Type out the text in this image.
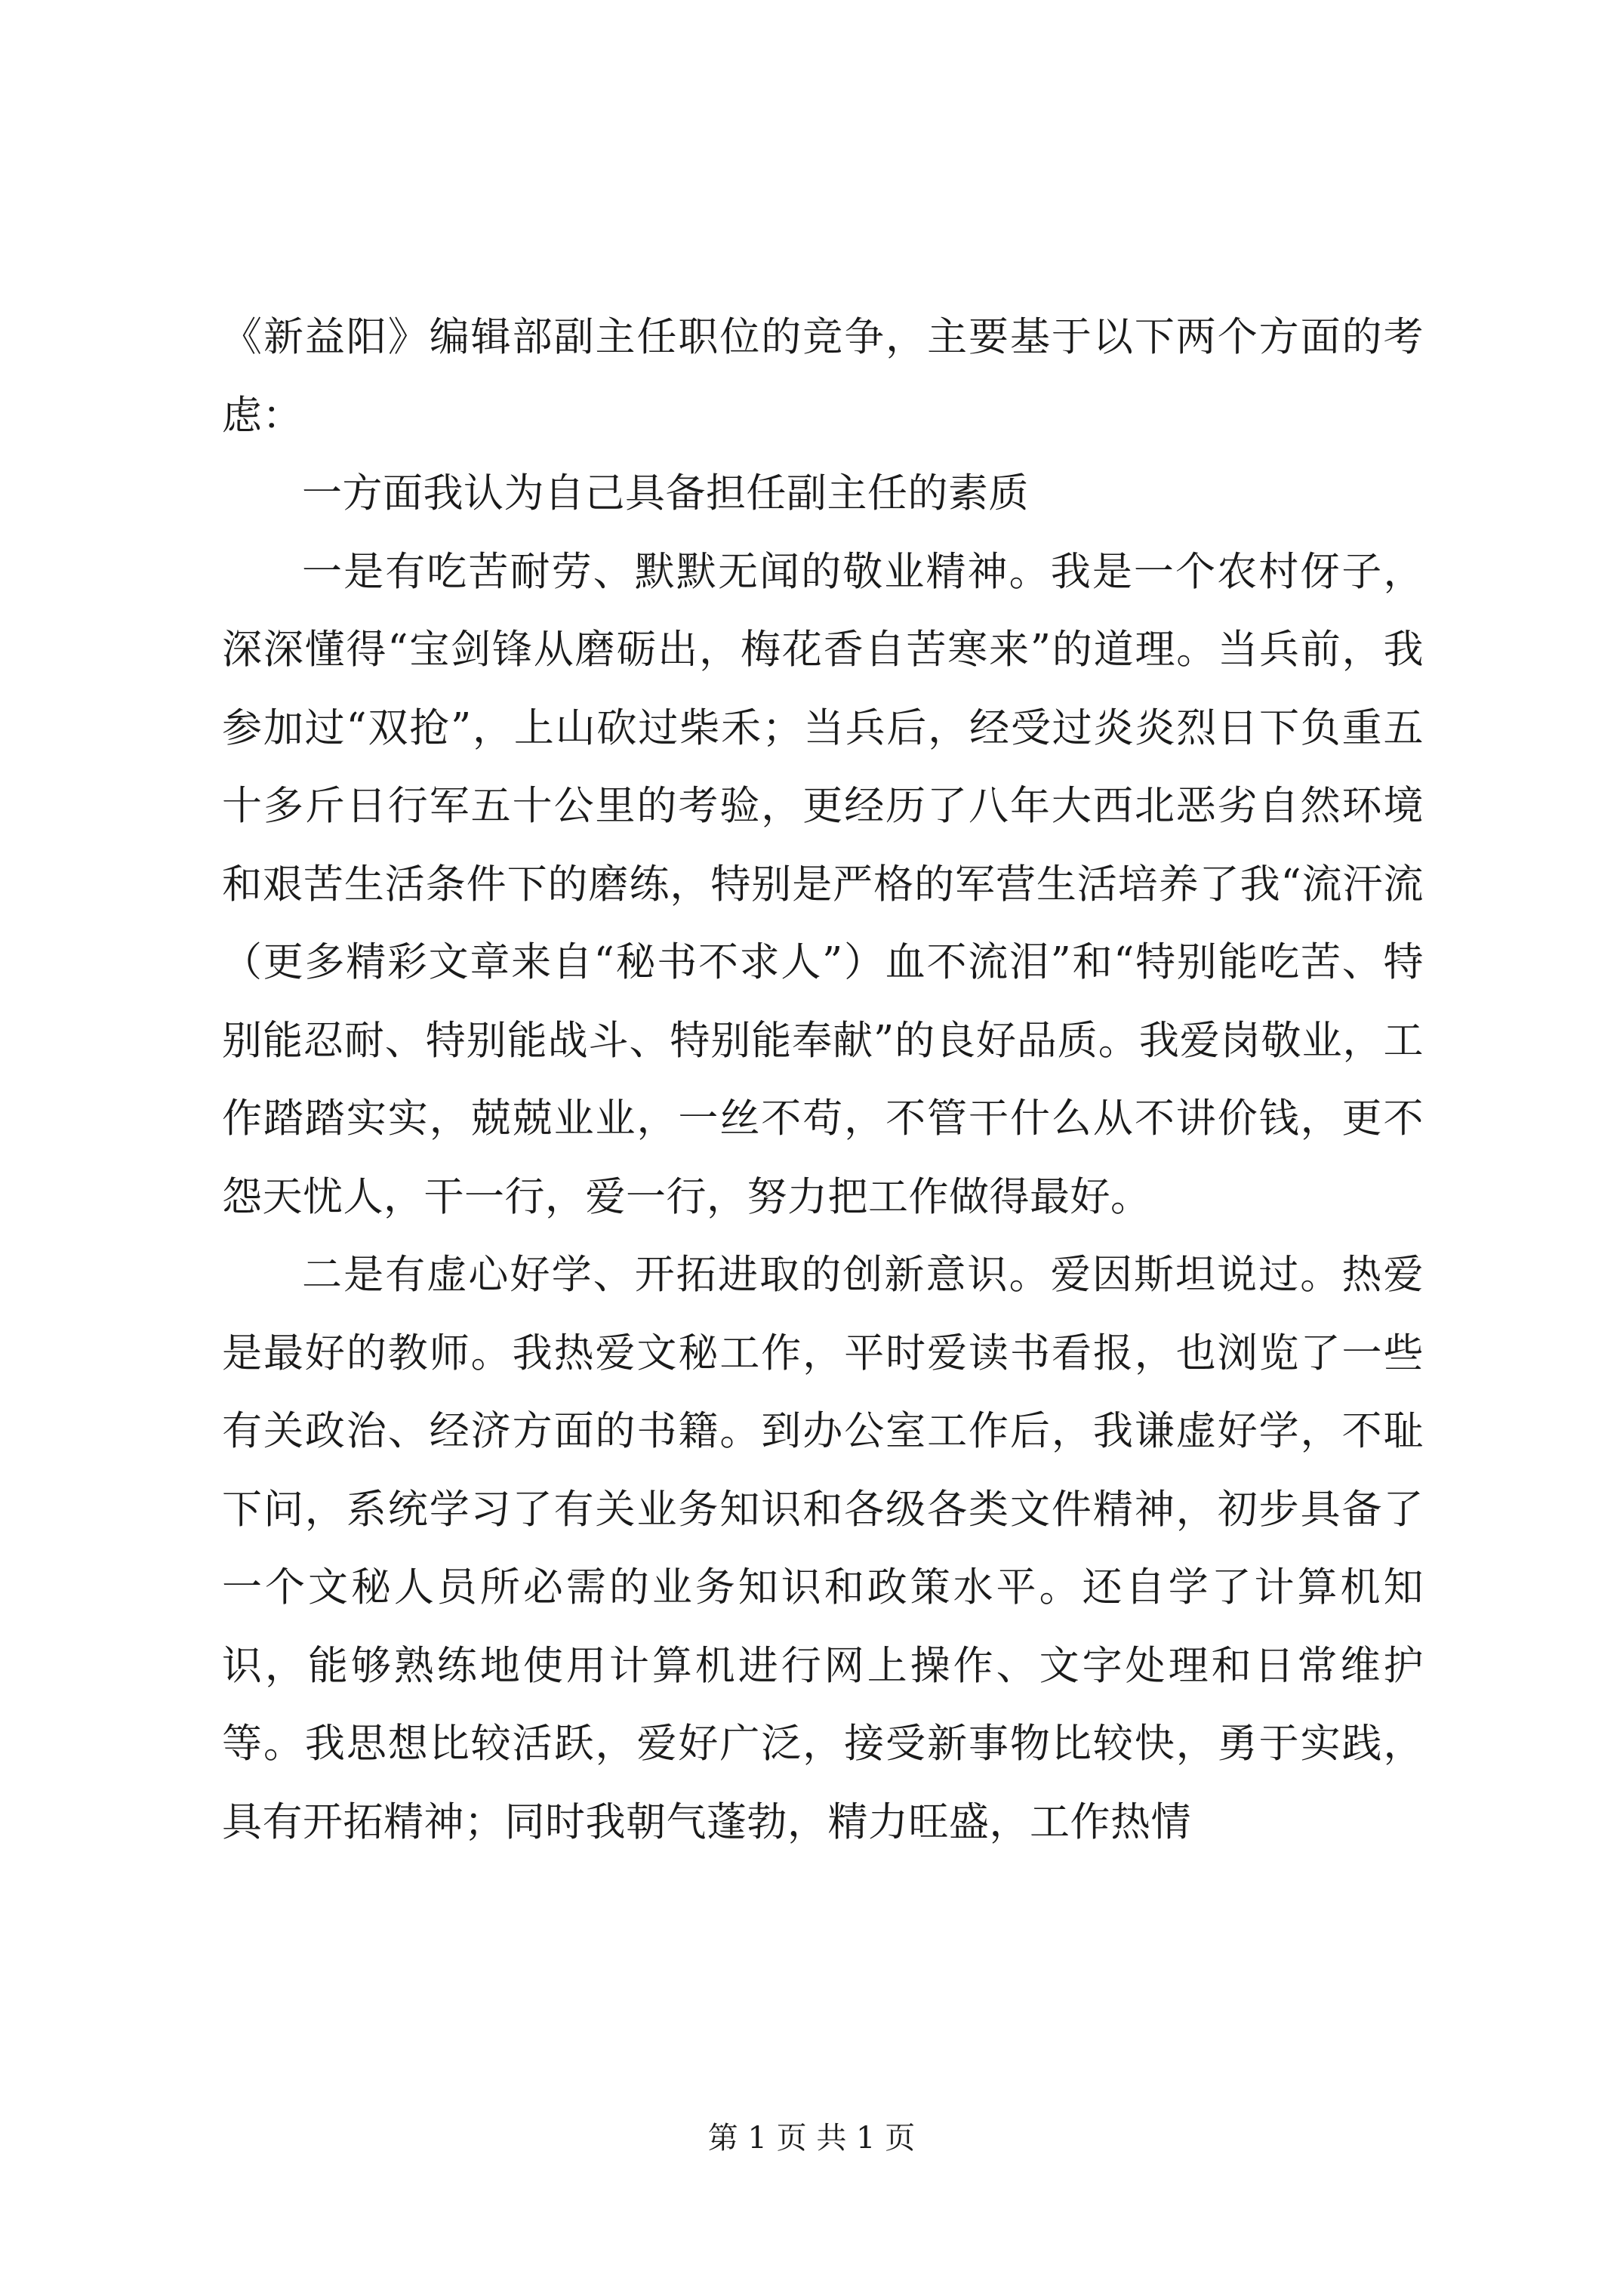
《新益阳》编辑部副主任职位的竞争，主要基于以下两个方面的考虑：

一方面我认为自己具备担任副主任的素质

一是有吃苦耐劳、默默无闻的敬业精神。我是一个农村伢子，深深懂得“宝剑锋从磨砺出，梅花香自苦寒来”的道理。当兵前，我参加过“双抢”，上山砍过柴禾；当兵后，经受过炎炎烈日下负重五十多斤日行军五十公里的考验，更经历了八年大西北恶劣自然环境和艰苦生活条件下的磨练，特别是严格的军营生活培养了我“流汗流（更多精彩文章来自“秘书不求人”）血不流泪”和“特别能吃苦、特别能忍耐、特别能战斗、特别能奉献”的良好品质。我爱岗敬业，工作踏踏实实，兢兢业业，一丝不苟，不管干什么从不讲价钱，更不怨天忧人，干一行，爱一行，努力把工作做得最好。

二是有虚心好学、开拓进取的创新意识。爱因斯坦说过。热爱是最好的教师。我热爱文秘工作，平时爱读书看报，也浏览了一些有关政治、经济方面的书籍。到办公室工作后，我谦虚好学，不耻下问，系统学习了有关业务知识和各级各类文件精神，初步具备了一个文秘人员所必需的业务知识和政策水平。还自学了计算机知识，能够熟练地使用计算机进行网上操作、文字处理和日常维护等。我思想比较活跃，爱好广泛，接受新事物比较快，勇于实践，具有开拓精神；同时我朝气蓬勃，精力旺盛，工作热情

第 1 页 共 1 页
